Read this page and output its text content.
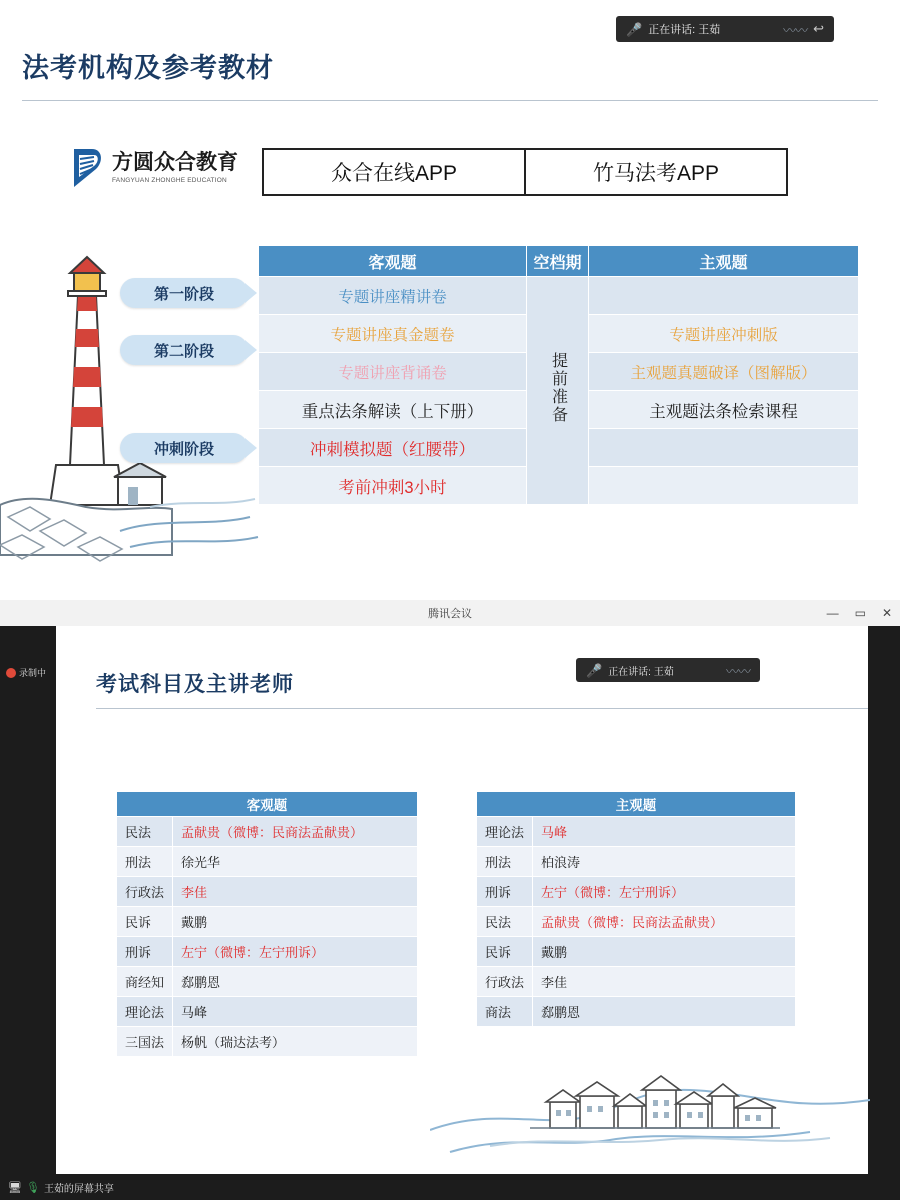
🎤 正在讲话: 王茹	〰〰 ↩
法考机构及参考教材
方圆众合教育
FANGYUAN ZHONGHE EDUCATION	众合在线APP	竹马法考APP
第一阶段
第二阶段
冲刺阶段
客观题	空档期	主观题
专题讲座精讲卷	提前准备	
专题讲座真金题卷		专题讲座冲刺版
专题讲座背诵卷		主观题真题破译（图解版）
重点法条解读（上下册）		主观题法条检索课程
冲刺模拟题（红腰带）		
考前冲刺3小时		
腾讯会议	— ▭ ✕
录制中 考试科目及主讲老师
🎤 正在讲话: 王茹	〰〰
客观题	
民法	孟献贵（微博：民商法孟献贵）
刑法	徐光华
行政法	李佳
民诉	戴鹏
刑诉	左宁（微博：左宁刑诉）
商经知	郄鹏恩
理论法	马峰
三国法	杨帆（瑞达法考）
主观题	
理论法	马峰
刑法	柏浪涛
刑诉	左宁（微博：左宁刑诉）
民法	孟献贵（微博：民商法孟献贵）
民诉	戴鹏
行政法	李佳
商法	郄鹏恩
🖥 🎙 王茹的屏幕共享
